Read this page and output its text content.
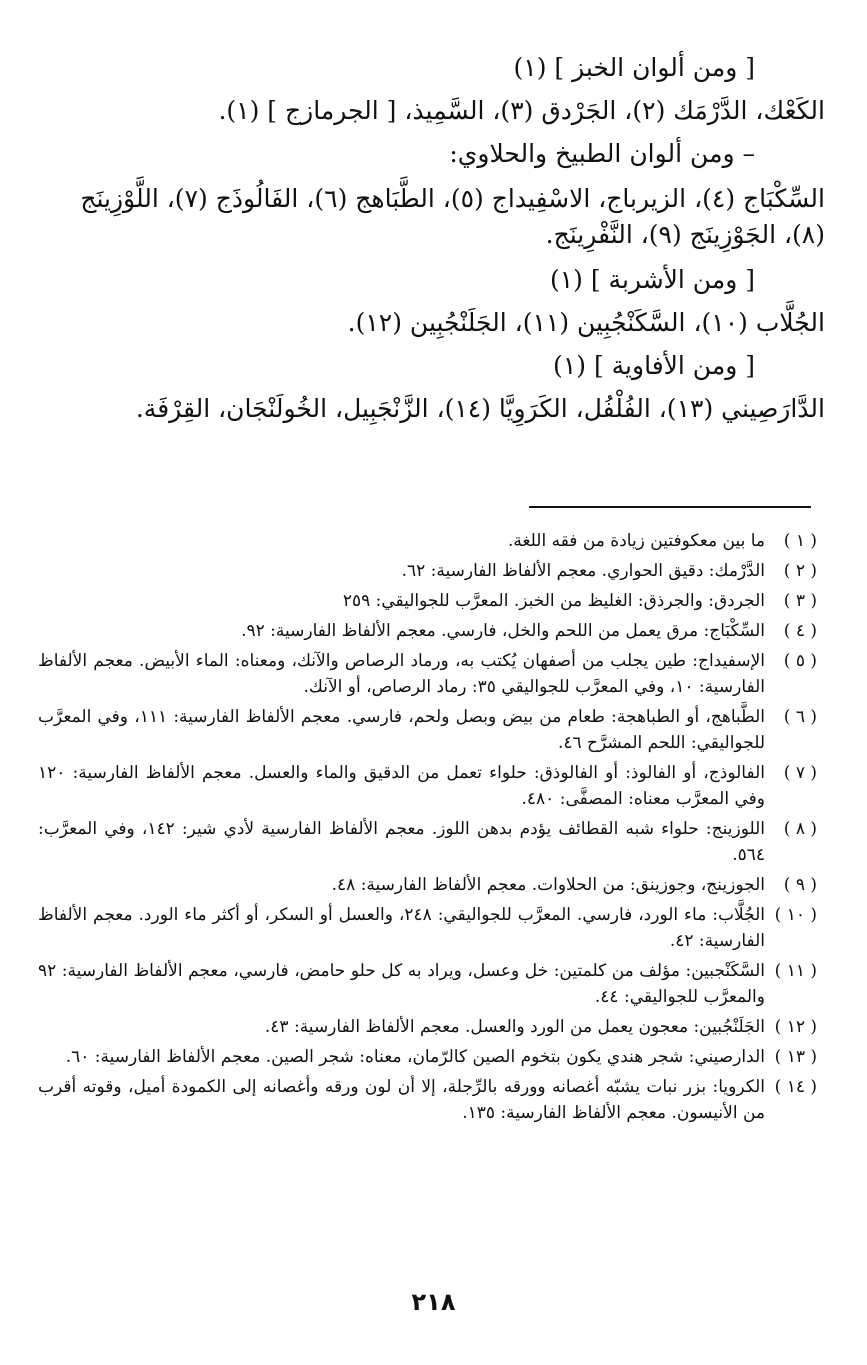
[ ومن ألوان الخبز ] (١)

الكَعْك، الدَّرْمَك (٢)، الجَرْدق (٣)، السَّمِيذ، [ الجرمازج ] (١).

– ومن ألوان الطبيخ والحلاوي:

السِّكْبَاج (٤)، الزيرباج، الاسْفِيداج (٥)، الطَّبَاهج (٦)، الفَالُوذَج (٧)، اللَّوْزِينَج (٨)، الجَوْزِينَج (٩)، النَّفْرِينَج.

[ ومن الأشربة ] (١)

الجُلَّاب (١٠)، السَّكَنْجُبِين (١١)، الجَلَنْجُبِين (١٢).

[ ومن الأفاوية ] (١)

الدَّارَصِيني (١٣)، الفُلْفُل، الكَرَوِيَّا (١٤)، الزَّنْجَبِيل، الخُولَنْجَان، القِرْفَة.

( ١ )
ما بين معكوفتين زيادة من فقه اللغة.
( ٢ )
الدَّرْمك: دقيق الحواري. معجم الألفاظ الفارسية: ٦٢.
( ٣ )
الجردق: والجرذق: الغليظ من الخبز. المعرَّب للجواليقي: ٢٥٩
( ٤ )
السِّكْبَاج: مرق يعمل من اللحم والخل، فارسي. معجم الألفاظ الفارسية: ٩٢.
( ٥ )
الإسفيداج: طين يجلب من أصفهان يُكتب به، ورماد الرصاص والآنك، ومعناه: الماء الأبيض. معجم الألفاظ الفارسية: ١٠، وفي المعرَّب للجواليقي ٣٥: رماد الرصاص، أو الآنك.
( ٦ )
الطَّباهج، أو الطباهجة: طعام من بيض وبصل ولحم، فارسي. معجم الألفاظ الفارسية: ١١١، وفي المعرَّب للجواليقي: اللحم المشرَّح ٤٦.
( ٧ )
الفالوذج، أو الفالوذ: أو الفالوذق: حلواء تعمل من الدقيق والماء والعسل. معجم الألفاظ الفارسية: ١٢٠ وفي المعرَّب معناه: المصفَّى: ٤٨٠.
( ٨ )
اللوزينج: حلواء شبه القطائف يؤدم بدهن اللوز. معجم الألفاظ الفارسية لأدي شير: ١٤٢، وفي المعرَّب: ٥٦٤.
( ٩ )
الجوزينج، وجوزينق: من الحلاوات. معجم الألفاظ الفارسية: ٤٨.
( ١٠ )
الجُلَّاب: ماء الورد، فارسي. المعرَّب للجواليقي: ٢٤٨، والعسل أو السكر، أو أكثر ماء الورد. معجم الألفاظ الفارسية: ٤٢.
( ١١ )
السَّكَنْجبين: مؤلف من كلمتين: خل وعسل، ويراد به كل حلو حامض، فارسي، معجم الألفاظ الفارسية: ٩٢ والمعرَّب للجواليقي: ٤٤.
( ١٢ )
الجَلَنْجُبين: معجون يعمل من الورد والعسل. معجم الألفاظ الفارسية: ٤٣.
( ١٣ )
الدارصيني: شجر هندي يكون بتخوم الصين كالرّمان، معناه: شجر الصين. معجم الألفاظ الفارسية: ٦٠.
( ١٤ )
الكرويا: بزر نبات يشبّه أغصانه وورقه بالرِّجلة، إلا أن لون ورقه وأغصانه إلى الكمودة أميل، وقوته أقرب من الأنيسون. معجم الألفاظ الفارسية: ١٣٥.
٢١٨
